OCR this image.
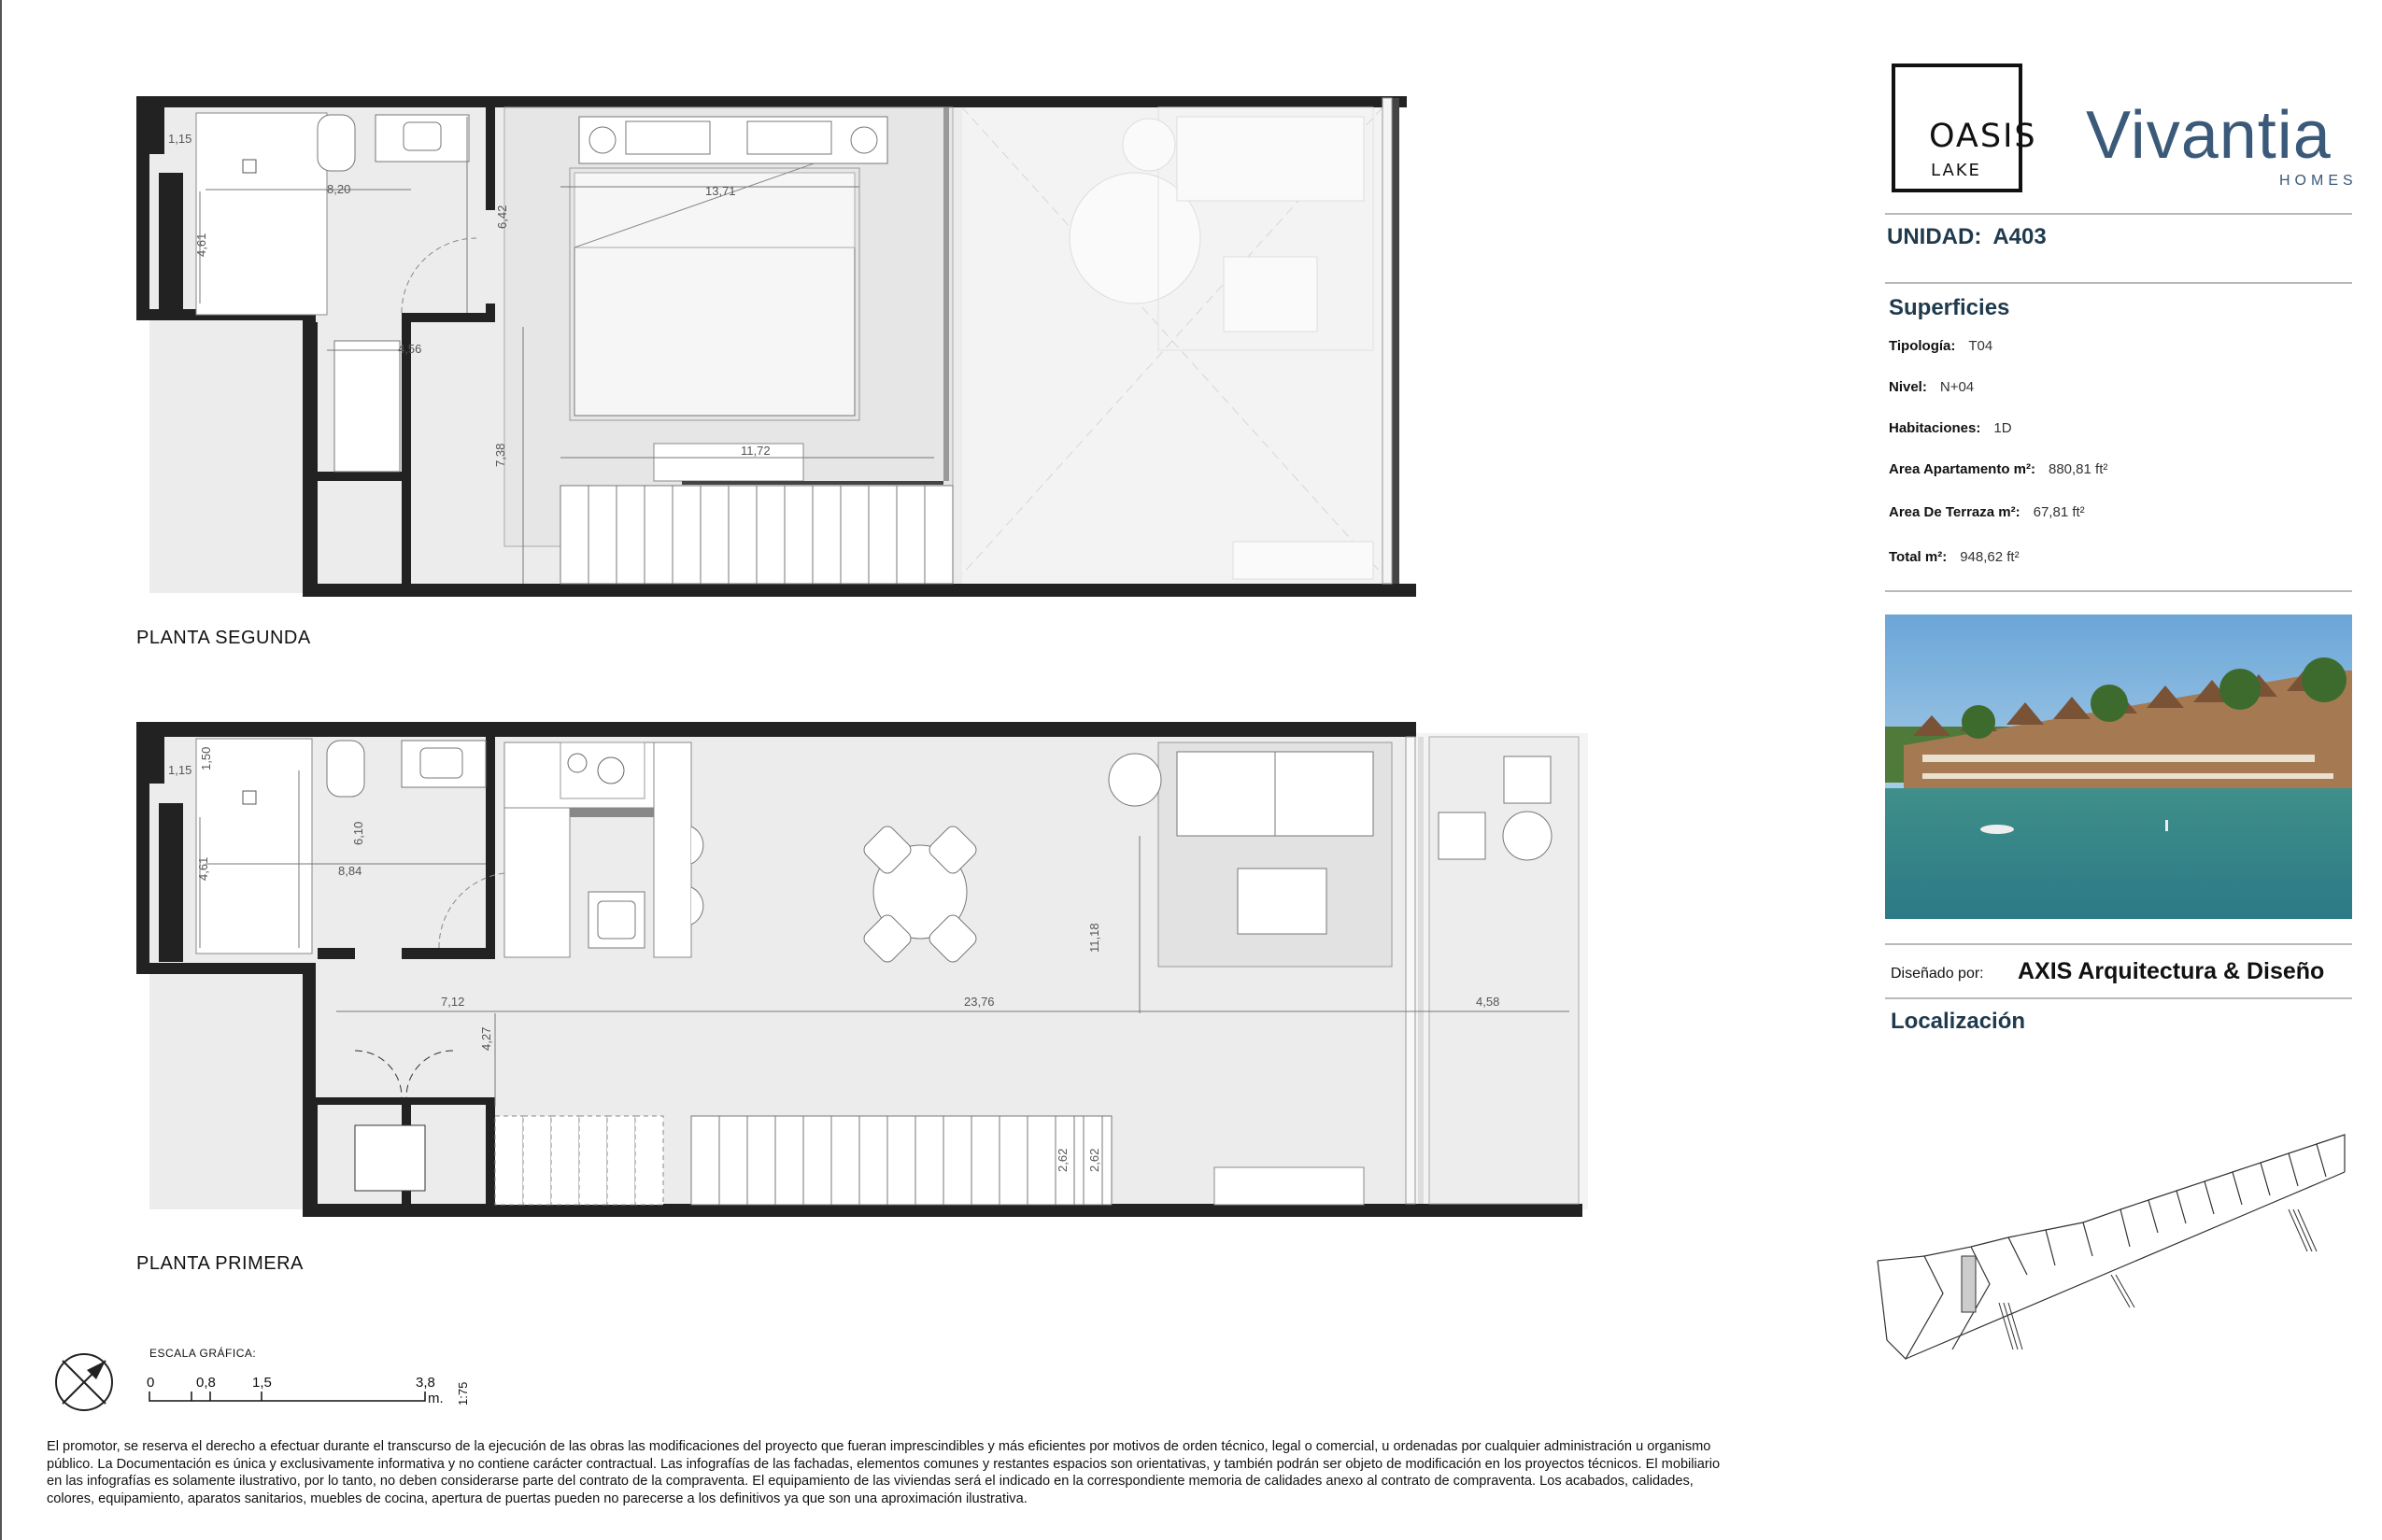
1,15
4,61
8,20
6,42
13,71
4,56
7,38	11,72
PLANTA SEGUNDA
1,15 1,50
4,61
6,10
8,84
7,12
4,27
23,76
11,18
4,58
2,62 2,62
PLANTA PRIMERA
ESCALA GRÁFICA:
0	0,8	1,5	3,8
m. 1:75
OASIS
LAKE Vivantia
HOMES
UNIDAD: A403
Superficies
Tipología: T04
Nivel: N+04
Habitaciones: 1D
Area Apartamento m²: 880,81 ft²
Area De Terraza m²: 67,81 ft²
Total m²: 948,62 ft²
Diseñado por: AXIS Arquitectura & Diseño
Localización
El promotor, se reserva el derecho a efectuar durante el transcurso de la ejecución de las obras las modificaciones del proyecto que fueran imprescindibles y más eficientes por motivos de orden técnico, legal o comercial, u ordenadas por cualquier administración u organismo público. La Documentación es única y exclusivamente informativa y no contiene carácter contractual. Las infografías de las fachadas, elementos comunes y restantes espacios son orientativas, y también podrán ser objeto de modificación en los proyectos técnicos. El mobiliario en las infografías es solamente ilustrativo, por lo tanto, no deben considerarse parte del contrato de la compraventa. El equipamiento de las viviendas será el indicado en la correspondiente memoria de calidades anexo al contrato de compraventa. Los acabados, calidades, colores, equipamiento, aparatos sanitarios, muebles de cocina, apertura de puertas pueden no parecerse a los definitivos ya que son una aproximación ilustrativa.
